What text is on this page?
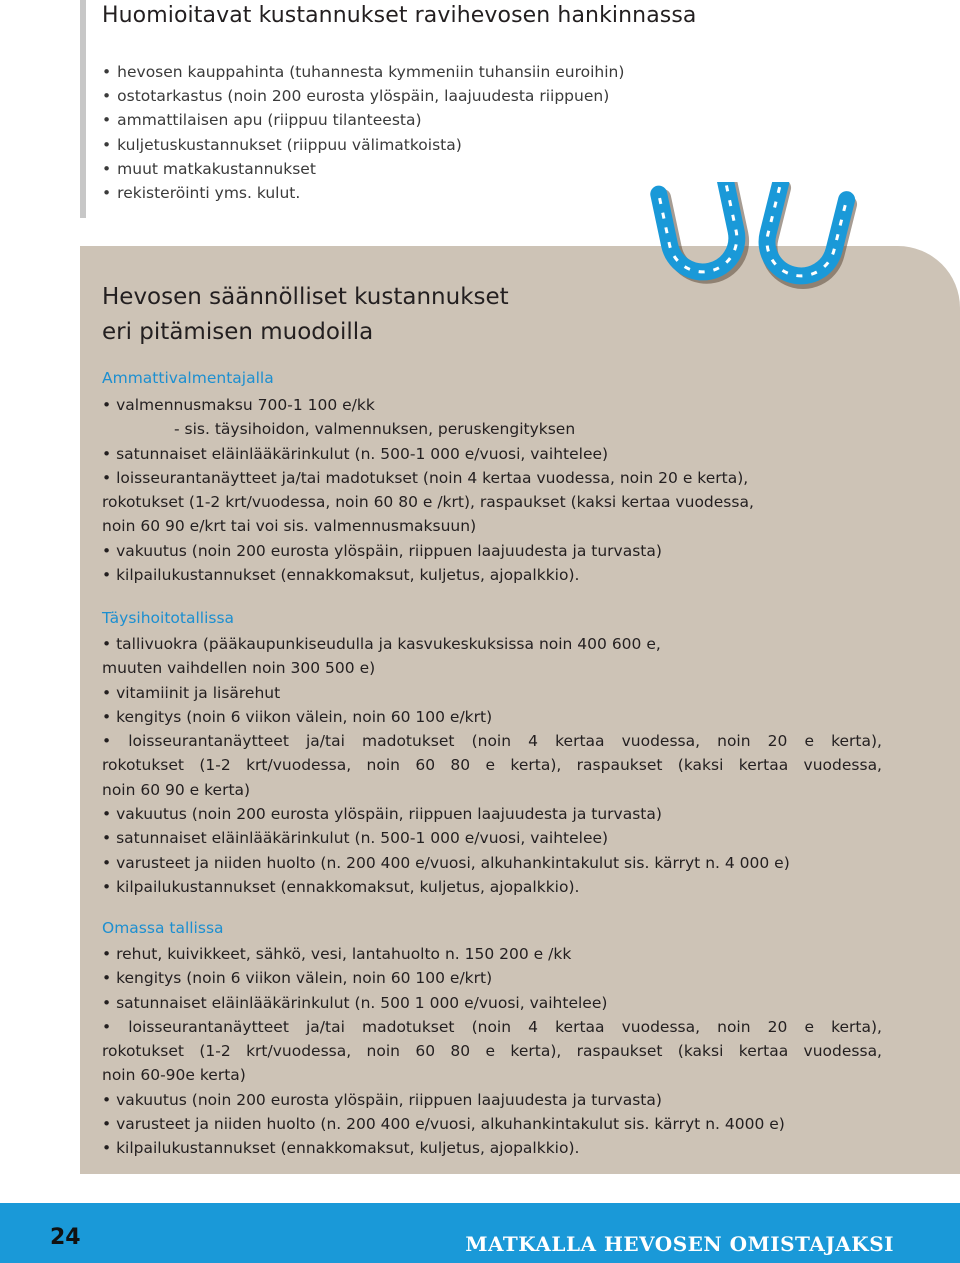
Huomioitavat kustannukset ravihevosen hankinnassa
• hevosen kauppahinta (tuhannesta kymmeniin tuhansiin euroihin)
• ostotarkastus (noin 200 eurosta ylöspäin, laajuudesta riippuen)
• ammattilaisen apu (riippuu tilanteesta)
• kuljetuskustannukset (riippuu välimatkoista)
• muut matkakustannukset
• rekisteröinti yms. kulut.
Hevosen säännölliset kustannukset
eri pitämisen muodoilla
Ammattivalmentajalla
• valmennusmaksu 700-1 100 e/kk
- sis. täysihoidon, valmennuksen, peruskengityksen
• satunnaiset eläinlääkärinkulut (n. 500-1 000 e/vuosi, vaihtelee)
• loisseurantanäytteet ja/tai madotukset (noin 4 kertaa vuodessa, noin 20 e kerta),
rokotukset (1-2 krt/vuodessa, noin 60 80 e /krt), raspaukset (kaksi kertaa vuodessa,
noin 60 90 e/krt tai voi sis. valmennusmaksuun)
• vakuutus (noin 200 eurosta ylöspäin, riippuen laajuudesta ja turvasta)
• kilpailukustannukset (ennakkomaksut, kuljetus, ajopalkkio).
Täysihoitotallissa
• tallivuokra (pääkaupunkiseudulla ja kasvukeskuksissa noin 400 600 e,
muuten vaihdellen noin 300 500 e)
• vitamiinit ja lisärehut
• kengitys (noin 6 viikon välein, noin 60 100 e/krt)
• loisseurantanäytteet ja/tai madotukset (noin 4 kertaa vuodessa, noin 20 e kerta),
rokotukset (1-2 krt/vuodessa, noin 60 80 e kerta), raspaukset (kaksi kertaa vuodessa,
noin 60 90 e kerta)
• vakuutus (noin 200 eurosta ylöspäin, riippuen laajuudesta ja turvasta)
• satunnaiset eläinlääkärinkulut (n. 500-1 000 e/vuosi, vaihtelee)
• varusteet ja niiden huolto (n. 200 400 e/vuosi, alkuhankintakulut sis. kärryt n. 4 000 e)
• kilpailukustannukset (ennakkomaksut, kuljetus, ajopalkkio).
Omassa tallissa
• rehut, kuivikkeet, sähkö, vesi, lantahuolto n. 150 200 e /kk
• kengitys (noin 6 viikon välein, noin 60 100 e/krt)
• satunnaiset eläinlääkärinkulut (n. 500 1 000 e/vuosi, vaihtelee)
• loisseurantanäytteet ja/tai madotukset (noin 4 kertaa vuodessa, noin 20 e kerta),
rokotukset (1-2 krt/vuodessa, noin 60 80 e kerta), raspaukset (kaksi kertaa vuodessa,
noin 60-90e kerta)
• vakuutus (noin 200 eurosta ylöspäin, riippuen laajuudesta ja turvasta)
• varusteet ja niiden huolto (n. 200 400 e/vuosi, alkuhankintakulut sis. kärryt n. 4000 e)
• kilpailukustannukset (ennakkomaksut, kuljetus, ajopalkkio).
24	MATKALLA HEVOSEN OMISTAJAKSI
